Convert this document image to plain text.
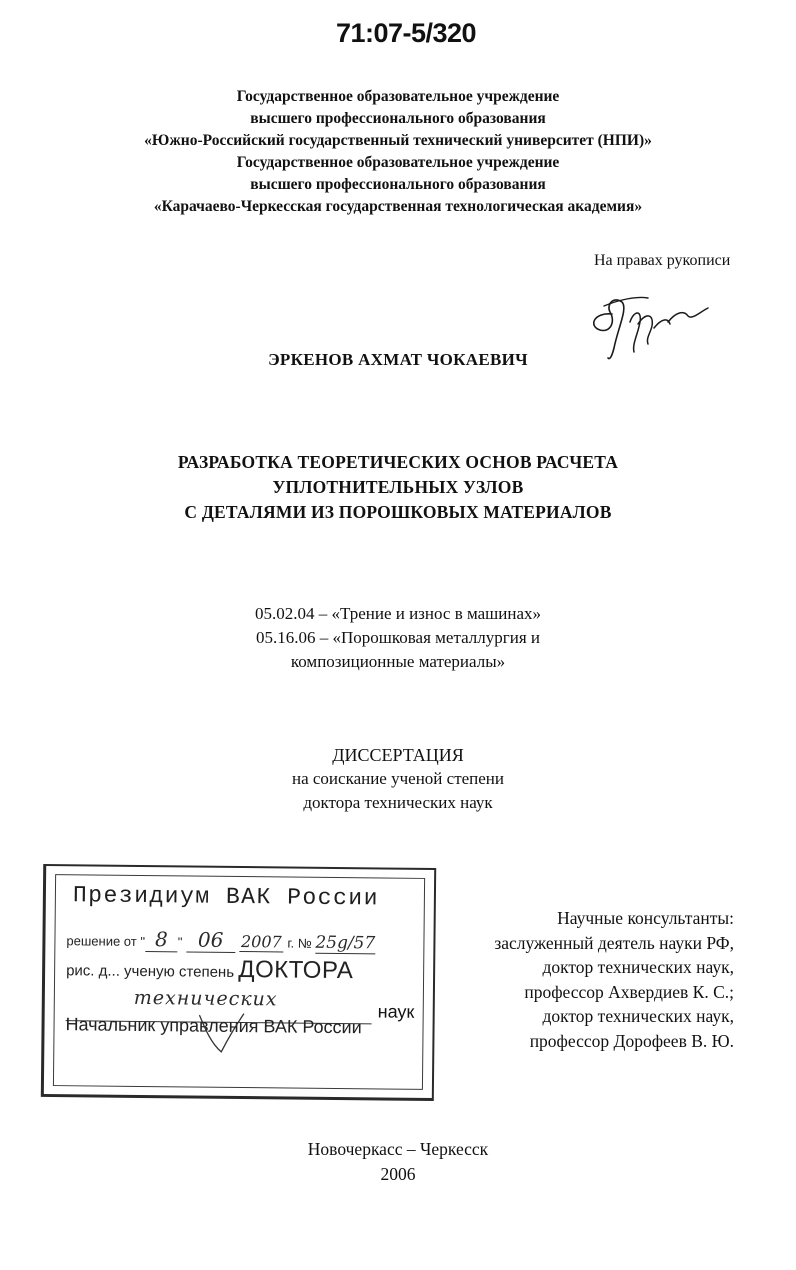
71:07-5/320
Государственное образовательное учреждение
высшего профессионального образования
«Южно-Российский государственный технический университет (НПИ)»
Государственное образовательное учреждение
высшего профессионального образования
«Карачаево-Черкесская государственная технологическая академия»
На правах рукописи
ЭРКЕНОВ АХМАТ ЧОКАЕВИЧ
РАЗРАБОТКА ТЕОРЕТИЧЕСКИХ ОСНОВ РАСЧЕТА
УПЛОТНИТЕЛЬНЫХ УЗЛОВ
С ДЕТАЛЯМИ ИЗ ПОРОШКОВЫХ МАТЕРИАЛОВ
05.02.04 – «Трение и износ в машинах»
05.16.06 – «Порошковая металлургия и
композиционные материалы»
ДИССЕРТАЦИЯ
на соискание ученой степени
доктора технических наук
Президиум ВАК России
решение от " 8 " 06 2007 г. № 25g/57
рис. д... ученую степень ДОКТОРА
технических
наук
Начальник управления ВАК России
Научные консультанты:
заслуженный деятель науки РФ,
доктор технических наук,
профессор Ахвердиев К. С.;
доктор технических наук,
профессор Дорофеев В. Ю.
Новочеркасс – Черкесск
2006
